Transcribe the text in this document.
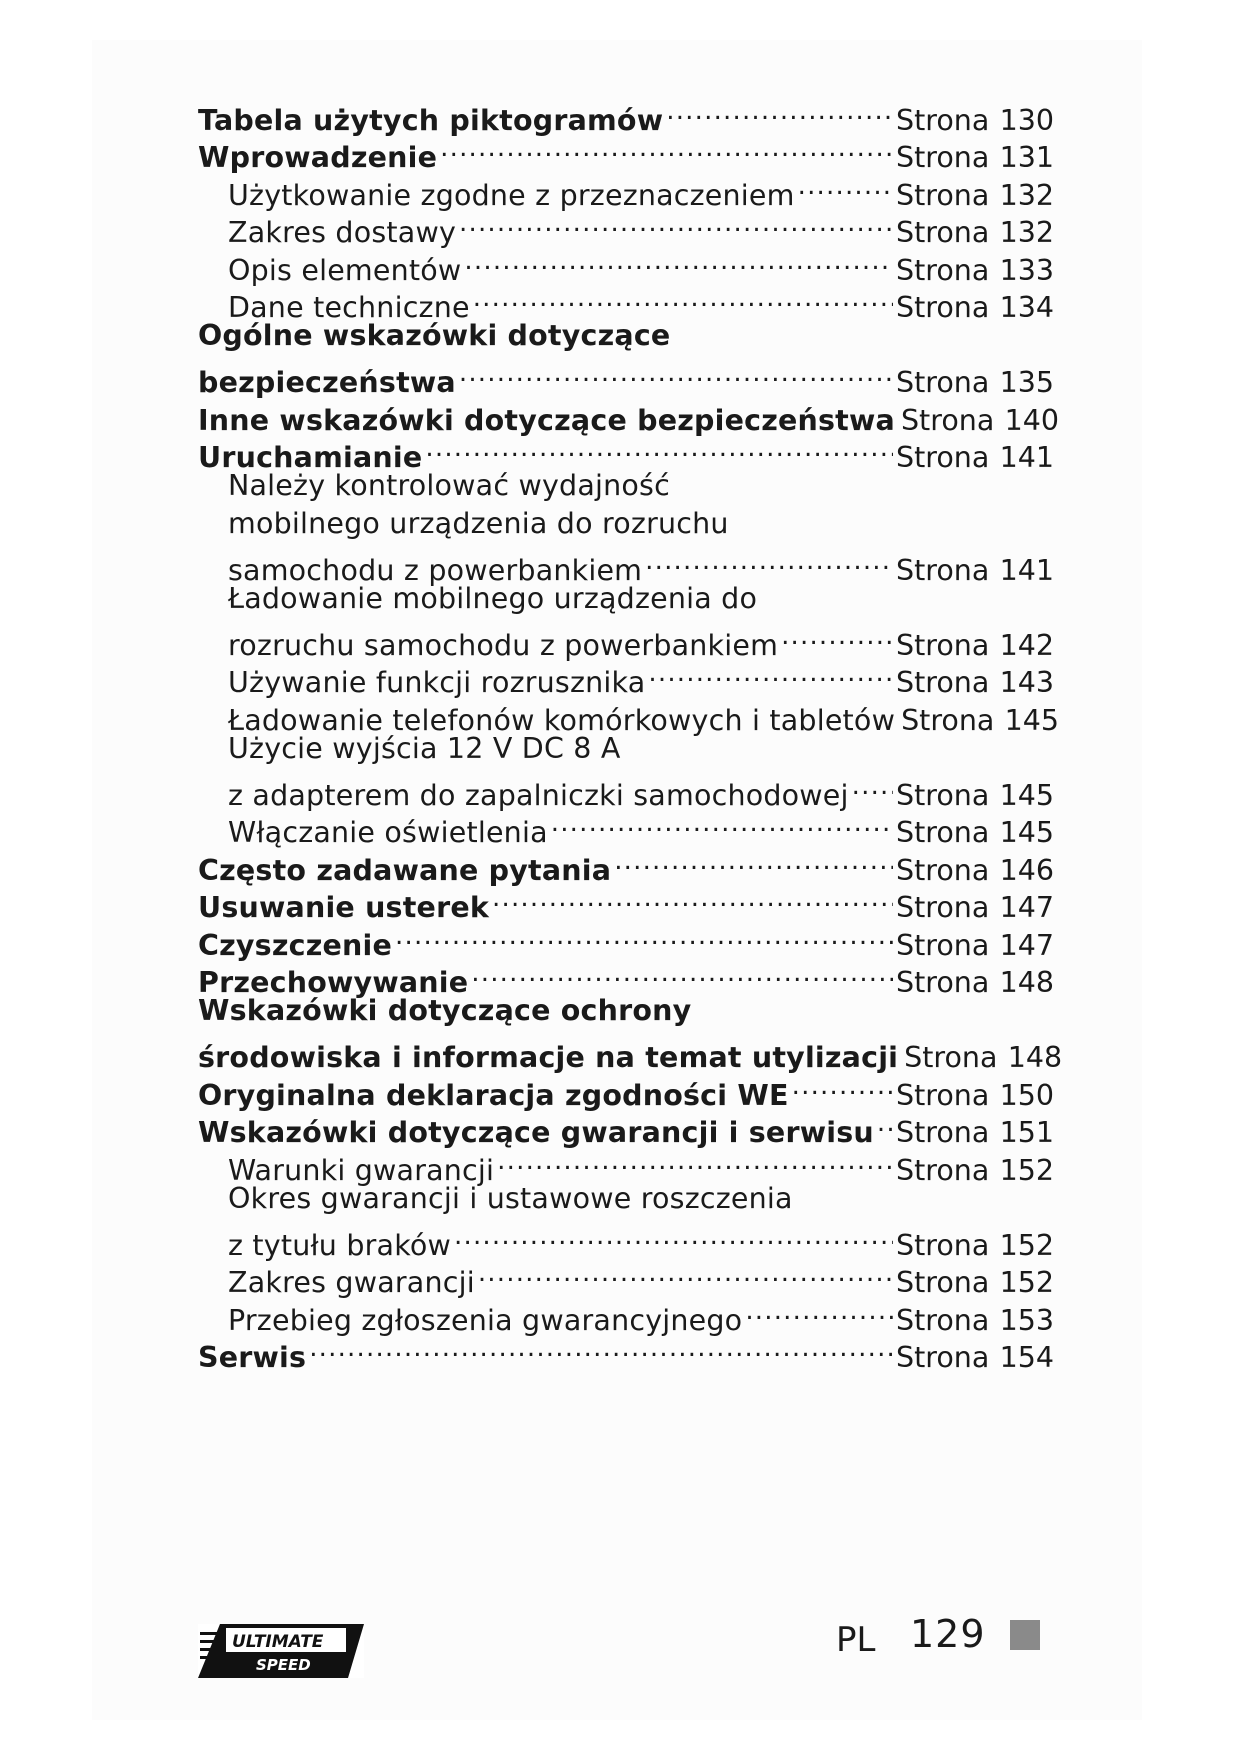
Tabela użytych piktogramów .....	Strona 130
Wprowadzenie .....	Strona 131
Użytkowanie zgodne z przeznaczeniem .....	Strona 132
Zakres dostawy .....	Strona 132
Opis elementów .....	Strona 133
Dane techniczne .....	Strona 134
Ogólne wskazówki dotyczące
bezpieczeństwa .....	Strona 135
Inne wskazówki dotyczące bezpieczeństwa Strona 140
Uruchamianie .....	Strona 141
Należy kontrolować wydajność
mobilnego urządzenia do rozruchu
samochodu z powerbankiem .....	Strona 141
Ładowanie mobilnego urządzenia do
rozruchu samochodu z powerbankiem .....	Strona 142
Używanie funkcji rozrusznika .....	Strona 143
Ładowanie telefonów komórkowych i tabletów Strona 145
Użycie wyjścia 12 V DC 8 A
z adapterem do zapalniczki samochodowej ..... Strona 145
Włączanie oświetlenia .....	Strona 145
Często zadawane pytania .....	Strona 146
Usuwanie usterek .....	Strona 147
Czyszczenie .....	Strona 147
Przechowywanie .....	Strona 148
Wskazówki dotyczące ochrony
środowiska i informacje na temat utylizacji Strona 148
Oryginalna deklaracja zgodności WE .....	Strona 150
Wskazówki dotyczące gwarancji i serwisu ..... Strona 151
Warunki gwarancji .....	Strona 152
Okres gwarancji i ustawowe roszczenia
z tytułu braków .....	Strona 152
Zakres gwarancji .....	Strona 152
Przebieg zgłoszenia gwarancyjnego .....	Strona 153
Serwis .....	Strona 154
ULTIMATE
SPEED
PL 129
